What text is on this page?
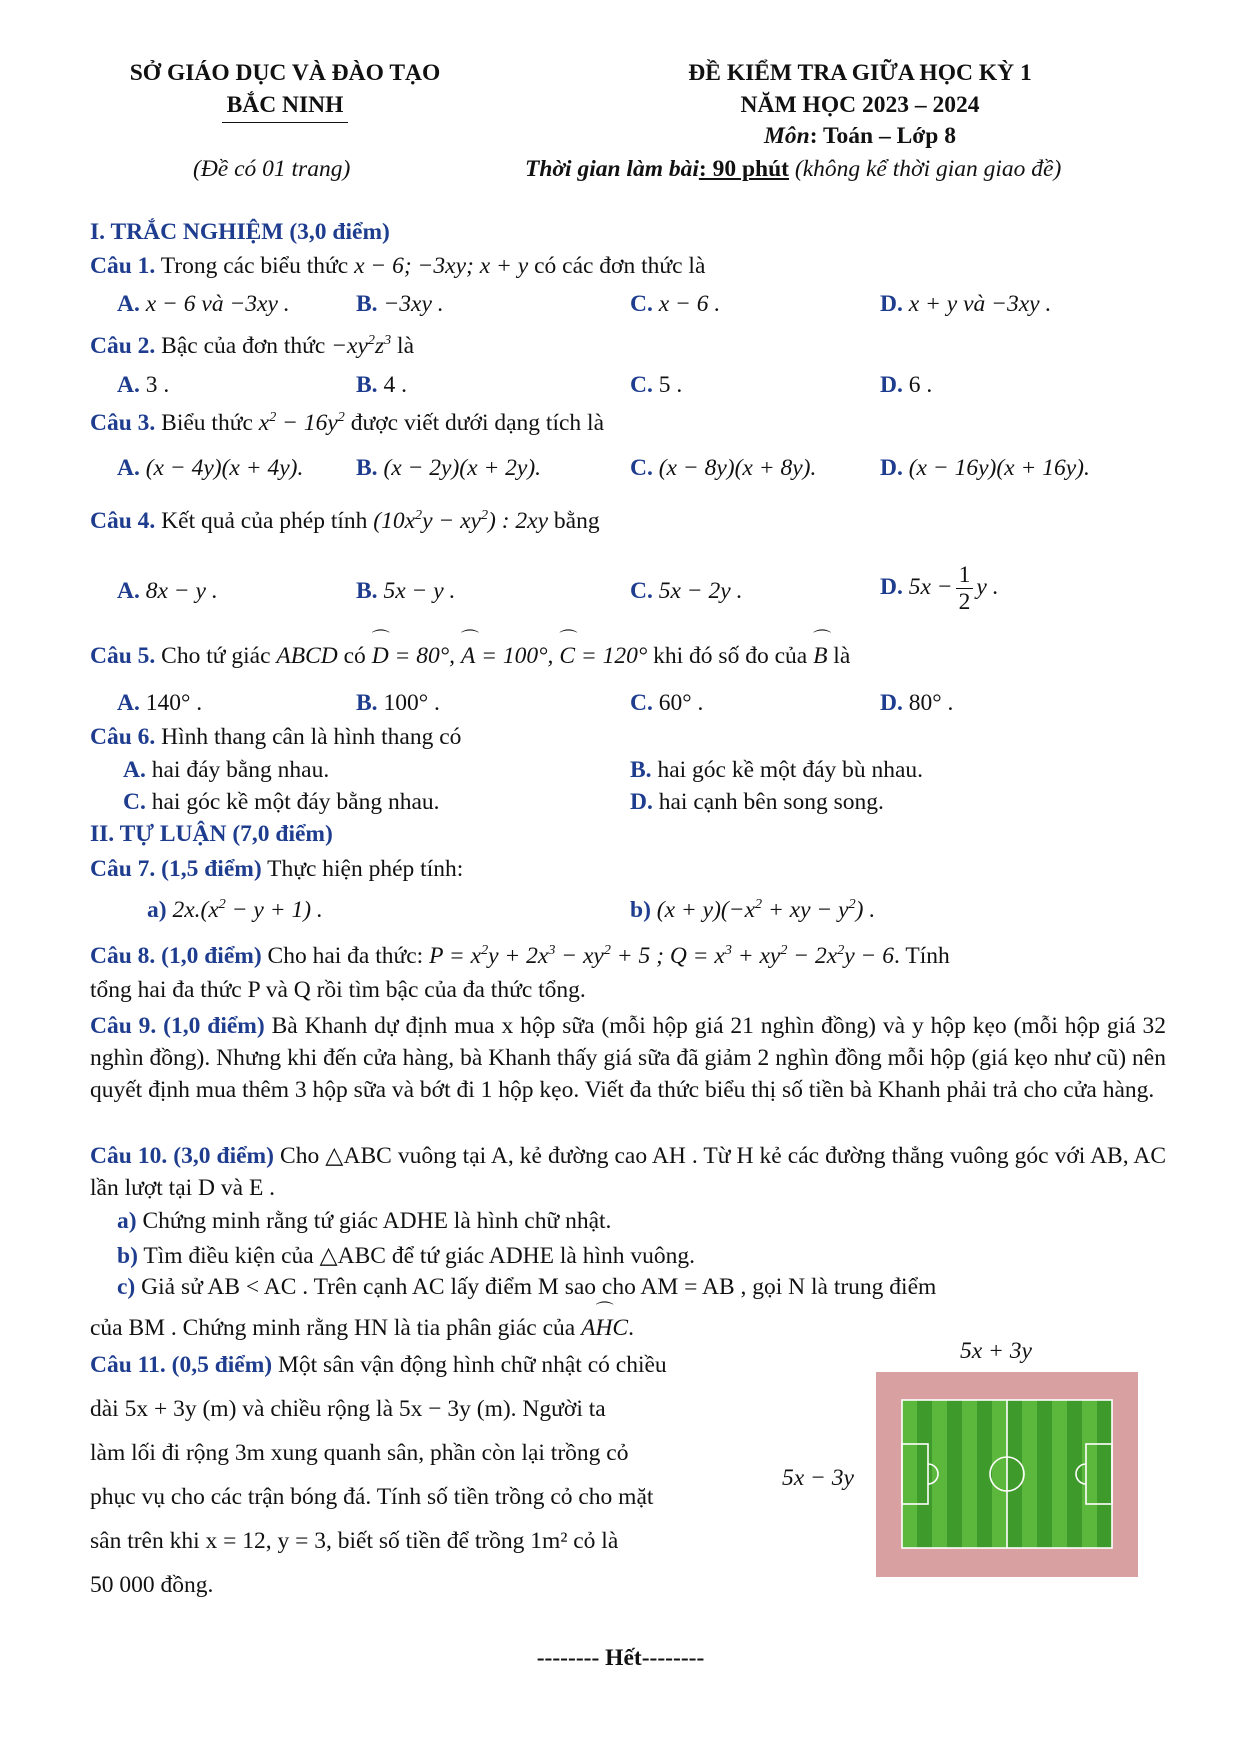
SỞ GIÁO DỤC VÀ ĐÀO TẠO
BẮC NINH
ĐỀ KIỂM TRA GIỮA HỌC KỲ 1
NĂM HỌC 2023 – 2024
Môn: Toán – Lớp 8
(Đề có 01 trang)	Thời gian làm bài: 90 phút (không kể thời gian giao đề)
I. TRẮC NGHIỆM (3,0 điểm)
Câu 1. Trong các biểu thức x − 6; −3xy; x + y có các đơn thức là
A. x − 6 và −3xy .	B. −3xy .	C. x − 6 .	D. x + y và −3xy .
Câu 2. Bậc của đơn thức $-xy^2z^3$ là
A. 3 .	B. 4 .	C. 5 .	D. 6 .
Câu 3. Biểu thức $x^2 - 16y^2$ được viết dưới dạng tích là
A. (x − 4y)(x + 4y). B. (x − 2y)(x + 2y).	C. (x − 8y)(x + 8y).	D. (x − 16y)(x + 16y).
Câu 4. Kết quả của phép tính $(10x^2y - xy^2)$ : 2xy bằng
A. 8x − y .	B. 5x − y .	C. 5x − 2y .	D. $5x - \frac{1}{2}$ y .
Câu 5. Cho tứ giác ABCD có ⌒ D = 80°, ⌒ A = 100°, ⌒ C = 120° khi đó số đo của ⌒ B là
A. 140° .	B. 100° .	C. 60° .	D. 80° .
Câu 6. Hình thang cân là hình thang có
A. hai đáy bằng nhau.	B. hai góc kề một đáy bù nhau.
C. hai góc kề một đáy bằng nhau.	D. hai cạnh bên song song.
II. TỰ LUẬN (7,0 điểm)
Câu 7. (1,5 điểm) Thực hiện phép tính:
a) $2x.(x^2 - y + 1)$ .	b) $(x + y)(-x^2$ + xy − $y^2$) .
Câu 8. (1,0 điểm) Cho hai đa thức: $P = x^2y + 2x^3 - xy^2 + 5$ ; $Q = x^3 + xy^2 - 2x^2y - 6$. Tính
tổng hai đa thức P và Q rồi tìm bậc của đa thức tổng.
Câu 9. (1,0 điểm) Bà Khanh dự định mua x hộp sữa (mỗi hộp giá 21 nghìn đồng) và y hộp kẹo (mỗi hộp giá 32 nghìn đồng). Nhưng khi đến cửa hàng, bà Khanh thấy giá sữa đã giảm 2 nghìn đồng mỗi hộp (giá kẹo như cũ) nên quyết định mua thêm 3 hộp sữa và bớt đi 1 hộp kẹo. Viết đa thức biểu thị số tiền bà Khanh phải trả cho cửa hàng.
Câu 10. (3,0 điểm) Cho △ABC vuông tại A, kẻ đường cao AH . Từ H kẻ các đường thẳng vuông góc với AB, AC lần lượt tại D và E .
a) Chứng minh rằng tứ giác ADHE là hình chữ nhật.
b) Tìm điều kiện của △ABC để tứ giác ADHE là hình vuông.
c) Giả sử AB < AC . Trên cạnh AC lấy điểm M sao cho AM = AB , gọi N là trung điểm
của BM . Chứng minh rằng HN là tia phân giác của ⌒ AHC.
Câu 11. (0,5 điểm) Một sân vận động hình chữ nhật có chiều
dài 5x + 3y (m) và chiều rộng là 5x − 3y (m). Người ta
làm lối đi rộng 3m xung quanh sân, phần còn lại trồng cỏ
phục vụ cho các trận bóng đá. Tính số tiền trồng cỏ cho mặt
sân trên khi x = 12, y = 3, biết số tiền để trồng 1m² cỏ là
50 000 đồng.
5x + 3y
5x − 3y
-------- Hết--------
